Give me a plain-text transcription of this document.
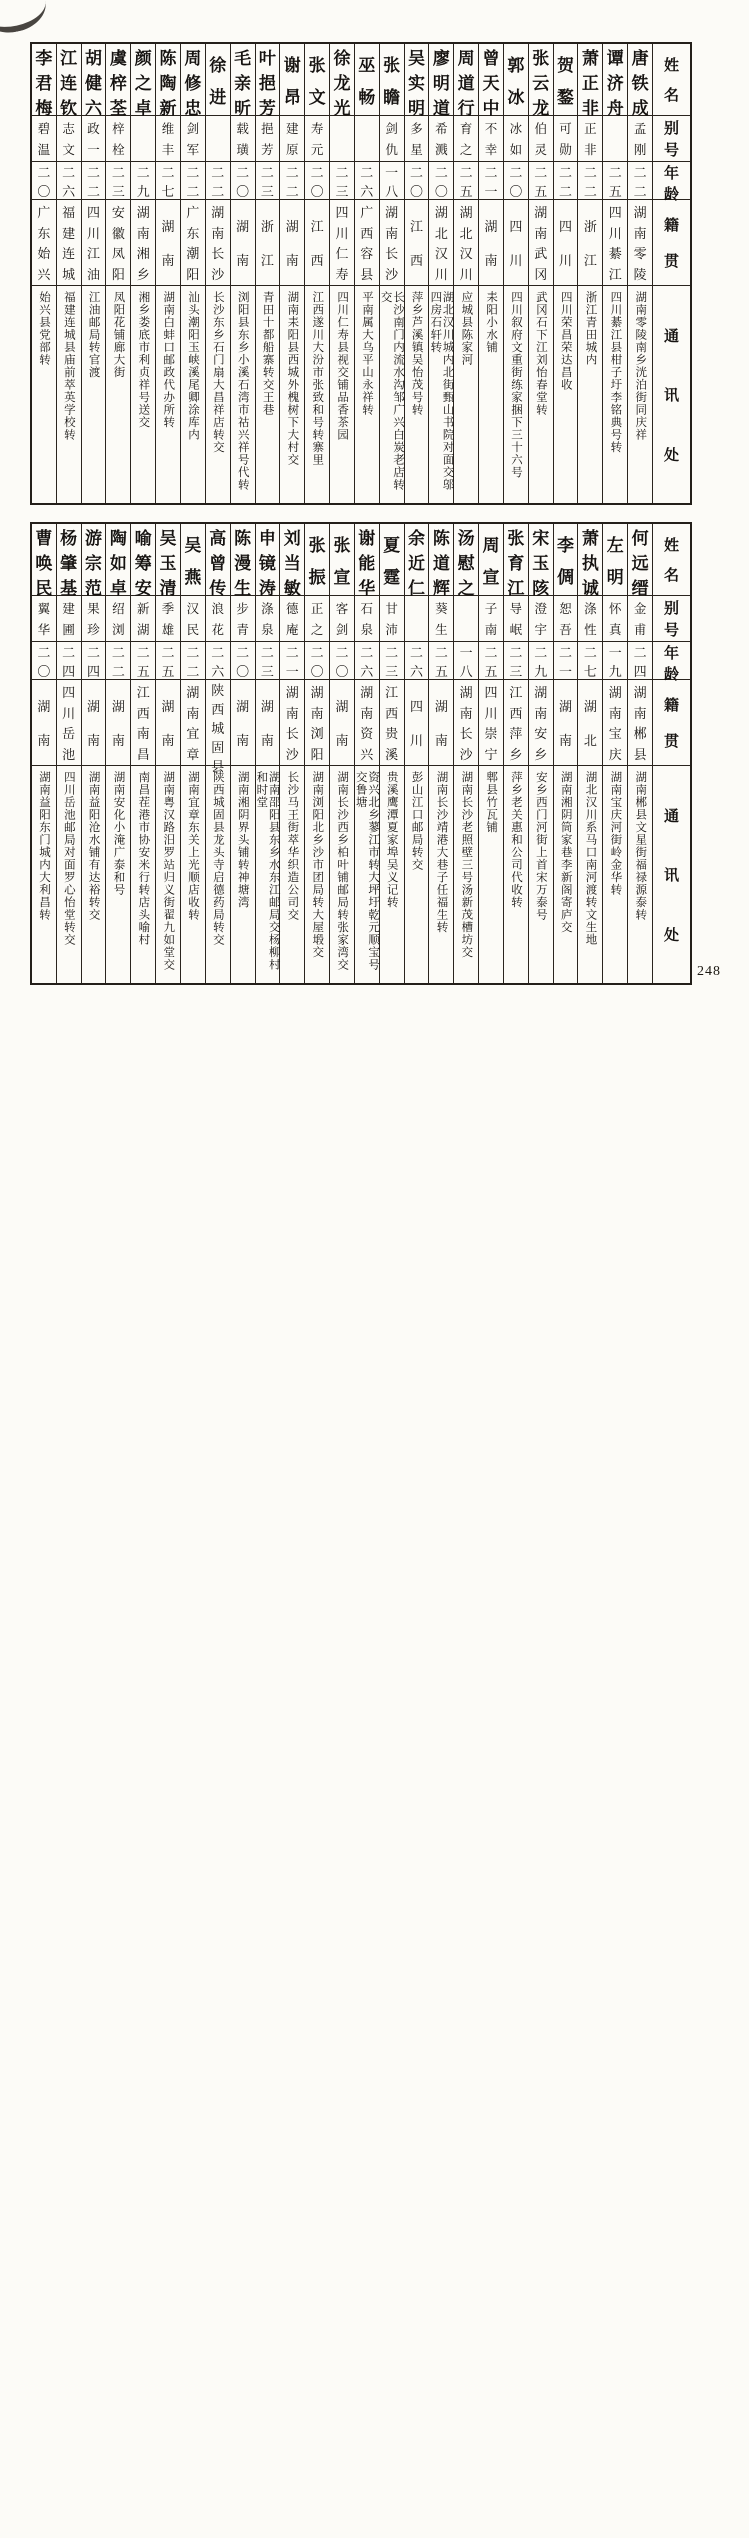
姓
名
别
号
年
龄
籍
贯
通
讯
处
唐
铁
成
孟
刚
二
二
湖
南
零
陵
湖南零陵南乡洸泊街同庆祥
谭
济
舟
二
五
四
川
綦
江
四川綦江县柑子圩李铭典号转
萧
正
非
正
非
二
二
浙
江
浙江青田城内
贺
鍪
可
勋
二
二
四
川
四川荣昌荣达昌收
张
云
龙
伯
灵
二
五
湖
南
武
冈
武冈石下江刘怡春堂转
郭
冰
冰
如
二
〇
四
川
四川叙府文重街练家捆下三十六号
曾
天
中
不
幸
二
一
湖
南
耒阳小水铺
周
道
行
育
之
二
五
湖
北
汉
川
应城县陈家河
廖
明
道
希
溅
二
〇
湖
北
汉
川
湖北汉川城内北街甄山书院对面交邬四房石轩转
吴
实
明
多
星
二
〇
江
西
萍乡芦溪镇吴怡茂号转
张
瞻
剑
仇
一
八
湖
南
长
沙
长沙南门内流水沟邹广兴白炭老店转交
巫
畅
二
六
广
西
容
县
平南属大乌平山永祥转
徐
龙
光
二
三
四
川
仁
寿
四川仁寿县视交铺品香茶园
张
文
寿
元
二
〇
江
西
江西遂川大汾市张致和号转寨里
谢
昂
建
原
二
二
湖
南
湖南耒阳县西城外槐树下大村交
叶
挹
芳
挹
芳
二
三
浙
江
青田十都船寨转交王巷
毛
亲
昕
载
璜
二
〇
湖
南
浏阳县东乡小溪石湾市祜兴祥号代转
徐
进
二
二
湖
南
长
沙
长沙东乡石门扇大昌祥店转交
周
修
忠
剑
军
二
二
广
东
潮
阳
汕头潮阳玉峡溪尾卿涂库内
陈
陶
新
维
丰
二
七
湖
南
湖南白蚌口邮政代办所转
颜
之
卓
二
九
湖
南
湘
乡
湘乡娄底市利贞祥号送交
虞
梓
荃
梓
栓
二
三
安
徽
凤
阳
凤阳花铺廊大街
胡
健
六
政
一
二
二
四
川
江
油
江油邮局转官渡
江
连
钦
志
文
二
六
福
建
连
城
福建连城县庙前萃英学校转
李
君
梅
碧
温
二
〇
广
东
始
兴
始兴县党部转
姓
名
别
号
年
龄
籍
贯
通
讯
处
何
远
缙
金
甫
二
四
湖
南
郴
县
湖南郴县文星街福禄源泰转
左
明
怀
真
一
九
湖
南
宝
庆
湖南宝庆河街岭金华转
萧
执
诚
涤
性
二
七
湖
北
湖北汉川系马口南河渡转文生地
李
倜
恕
吾
二
一
湖
南
湖南湘阴筒家巷李新阁寄庐交
宋
玉
陔
澄
宇
二
九
湖
南
安
乡
安乡西门河街上首宋万泰号
张
育
江
导
岷
二
三
江
西
萍
乡
萍乡老关惠和公司代收转
周
宣
子
南
二
五
四
川
崇
宁
郫县竹瓦铺
汤
慰
之
一
八
湖
南
长
沙
湖南长沙老照壁三号汤新茂槽坊交
陈
道
辉
葵
生
二
五
湖
南
湖南长沙靖港大巷子任福生转
余
近
仁
二
六
四
川
彭山江口邮局转交
夏
霆
甘
沛
二
三
江
西
贵
溪
贵溪鹰潭夏家埠吴义记转
谢
能
华
石
泉
二
六
湖
南
资
兴
资兴北乡蓼江市转大坪圩乾元顺宝号交鲁塘
张
宣
客
剑
二
〇
湖
南
湖南长沙西乡柏叶铺邮局转张家湾交
张
振
正
之
二
〇
湖
南
浏
阳
湖南浏阳北乡沙市团局转大屋塅交
刘
当
敏
德
庵
二
一
湖
南
长
沙
长沙马王街萃华织造公司交
申
镜
涛
涤
泉
二
三
湖
南
湖南邵阳县东乡水东江邮局交杨柳村和时堂
陈
漫
生
步
青
二
〇
湖
南
湖南湘阴界头铺转神塘湾
高
曾
传
浪
花
二
六
陕
西
城
固
县
陕西城固县龙头寺启德药局转交
吴
燕
汉
民
二
二
湖
南
宜
章
湖南宜章东关上光顺店收转
吴
玉
清
季
雄
二
五
湖
南
湖南粤汉路汨罗站归义街翟九如堂交
喻
筹
安
新
湖
二
五
江
西
南
昌
南昌茬港市协安米行转店头喻村
陶
如
卓
绍
浏
二
二
湖
南
湖南安化小淹广泰和号
游
宗
范
果
珍
二
四
湖
南
湖南益阳沧水铺有达裕转交
杨
肇
基
建
圃
二
四
四
川
岳
池
四川岳池邮局对面罗心怡堂转交
曹
唤
民
翼
华
二
〇
湖
南
湖南益阳东门城内大利昌转
248
